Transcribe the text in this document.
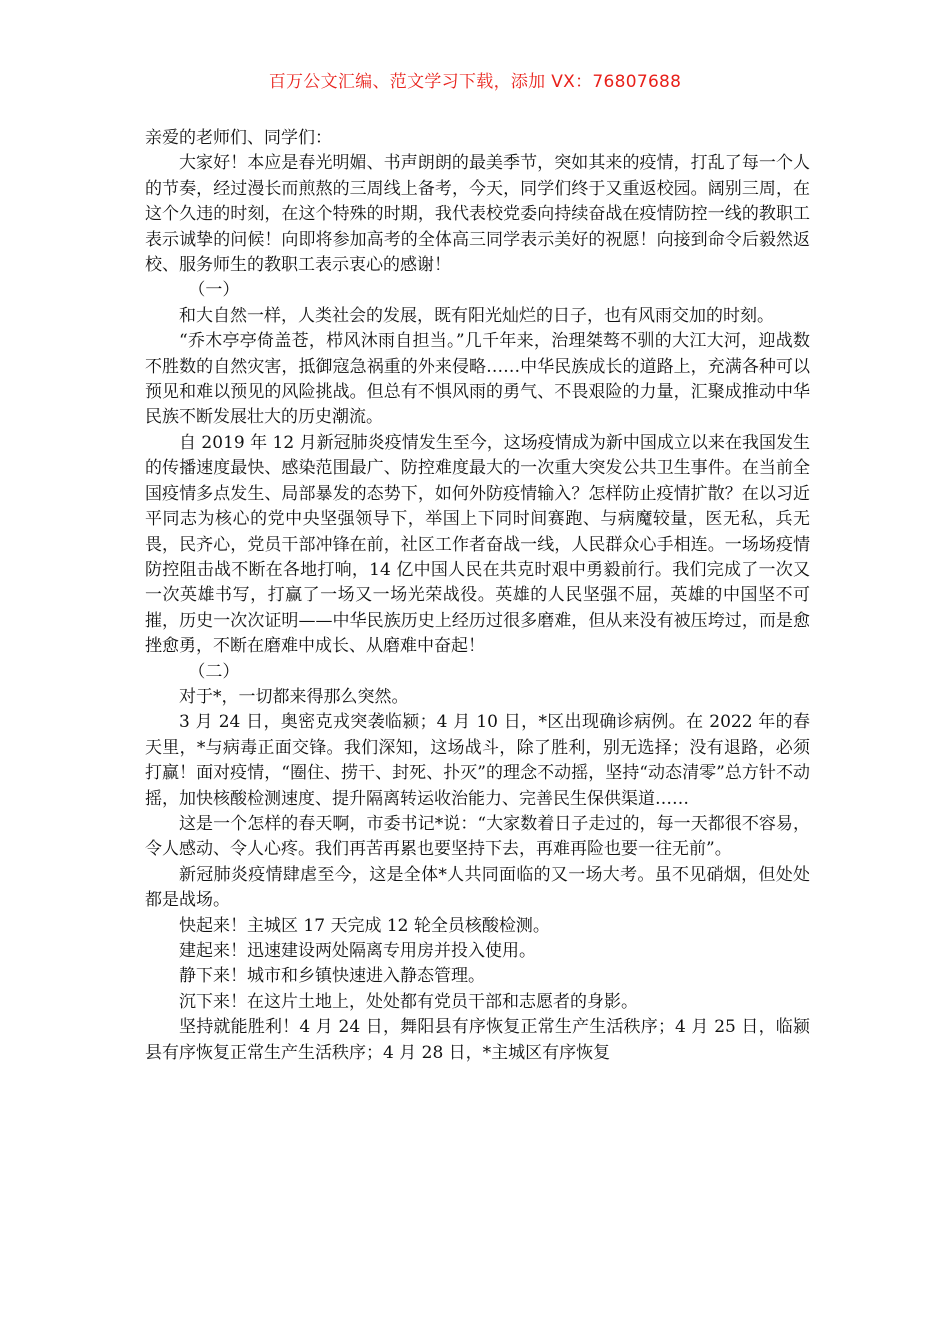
百万公文汇编、范文学习下载，添加 VX：76807688

亲爱的老师们、同学们：

大家好！本应是春光明媚、书声朗朗的最美季节，突如其来的疫情，打乱了每一个人的节奏，经过漫长而煎熬的三周线上备考，今天，同学们终于又重返校园。阔别三周，在这个久违的时刻，在这个特殊的时期，我代表校党委向持续奋战在疫情防控一线的教职工表示诚挚的问候！向即将参加高考的全体高三同学表示美好的祝愿！向接到命令后毅然返校、服务师生的教职工表示衷心的感谢！

（一）

和大自然一样，人类社会的发展，既有阳光灿烂的日子，也有风雨交加的时刻。

“乔木亭亭倚盖苍，栉风沐雨自担当。”几千年来，治理桀骜不驯的大江大河，迎战数不胜数的自然灾害，抵御寇急祸重的外来侵略……中华民族成长的道路上，充满各种可以预见和难以预见的风险挑战。但总有不惧风雨的勇气、不畏艰险的力量，汇聚成推动中华民族不断发展壮大的历史潮流。

自 2019 年 12 月新冠肺炎疫情发生至今，这场疫情成为新中国成立以来在我国发生的传播速度最快、感染范围最广、防控难度最大的一次重大突发公共卫生事件。在当前全国疫情多点发生、局部暴发的态势下，如何外防疫情输入？怎样防止疫情扩散？在以习近平同志为核心的党中央坚强领导下，举国上下同时间赛跑、与病魔较量，医无私，兵无畏，民齐心，党员干部冲锋在前，社区工作者奋战一线，人民群众心手相连。一场场疫情防控阻击战不断在各地打响，14 亿中国人民在共克时艰中勇毅前行。我们完成了一次又一次英雄书写，打赢了一场又一场光荣战役。英雄的人民坚强不屈，英雄的中国坚不可摧，历史一次次证明——中华民族历史上经历过很多磨难，但从来没有被压垮过，而是愈挫愈勇，不断在磨难中成长、从磨难中奋起！

（二）

对于*，一切都来得那么突然。

3 月 24 日，奥密克戎突袭临颍；4 月 10 日，*区出现确诊病例。在 2022 年的春天里，*与病毒正面交锋。我们深知，这场战斗，除了胜利，别无选择；没有退路，必须打赢！面对疫情，“圈住、捞干、封死、扑灭”的理念不动摇，坚持“动态清零”总方针不动摇，加快核酸检测速度、提升隔离转运收治能力、完善民生保供渠道……

这是一个怎样的春天啊，市委书记*说：“大家数着日子走过的，每一天都很不容易，令人感动、令人心疼。我们再苦再累也要坚持下去，再难再险也要一往无前”。

新冠肺炎疫情肆虐至今，这是全体*人共同面临的又一场大考。虽不见硝烟，但处处都是战场。

快起来！主城区 17 天完成 12 轮全员核酸检测。

建起来！迅速建设两处隔离专用房并投入使用。

静下来！城市和乡镇快速进入静态管理。

沉下来！在这片土地上，处处都有党员干部和志愿者的身影。

坚持就能胜利！4 月 24 日，舞阳县有序恢复正常生产生活秩序；4 月 25 日，临颍县有序恢复正常生产生活秩序；4 月 28 日，*主城区有序恢复
